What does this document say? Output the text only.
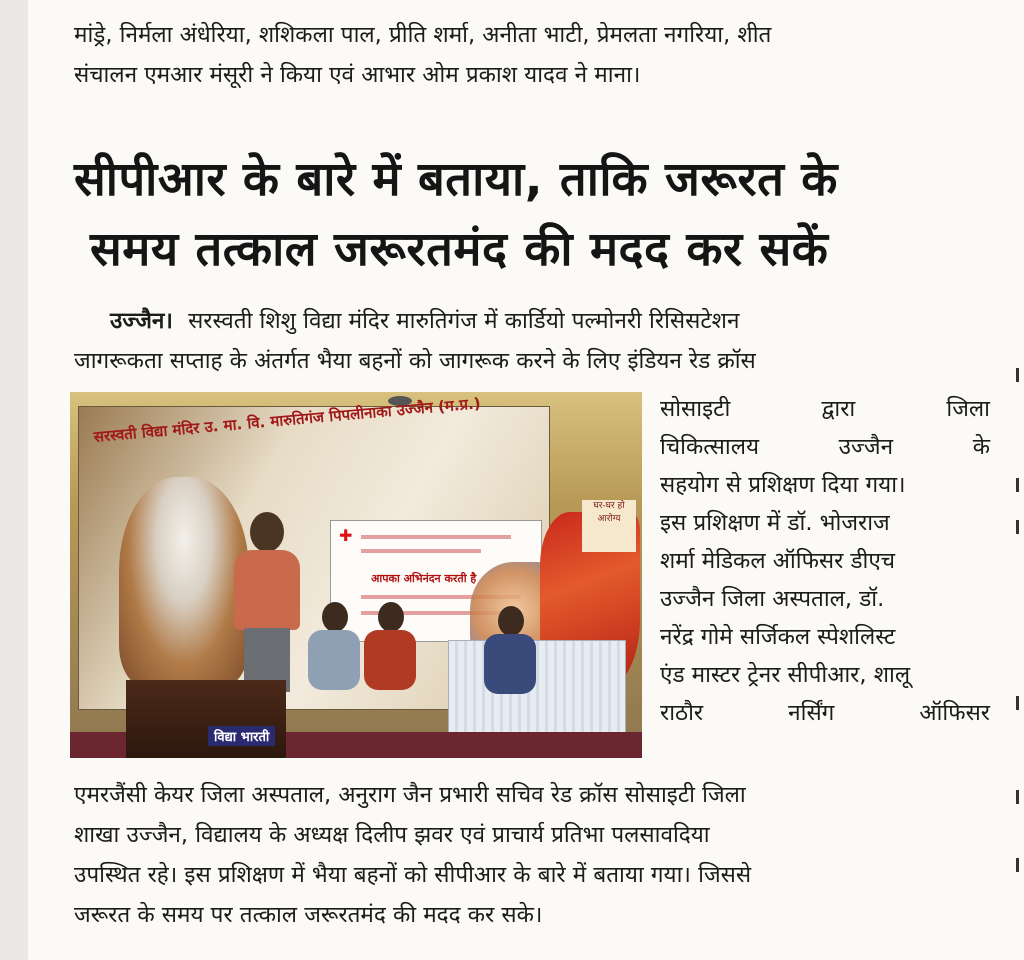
मांड्रे, निर्मला अंधेरिया, शशिकला पाल, प्रीति शर्मा, अनीता भाटी, प्रेमलता नगरिया, शीत
संचालन एमआर मंसूरी ने किया एवं आभार ओम प्रकाश यादव ने माना।
सीपीआर के बारे में बताया, ताकि जरूरत के
समय तत्काल जरूरतमंद की मदद कर सकें
उज्जैन। सरस्वती शिशु विद्या मंदिर मारुतिगंज में कार्डियो पल्मोनरी रिसिसटेशन
जागरूकता सप्ताह के अंतर्गत भैया बहनों को जागरूक करने के लिए इंडियन रेड क्रॉस
सरस्वती विद्या मंदिर उ. मा. वि. मारुतिगंज पिपलीनाका उज्जैन (म.प्र.)
✚
आपका अभिनंदन करती है
घर-घर हो आरोग्य
विद्या भारती
सोसाइटी	द्वारा	जिला
चिकित्सालय	उज्जैन	के
सहयोग से प्रशिक्षण दिया गया।
इस प्रशिक्षण में डॉ. भोजराज
शर्मा मेडिकल ऑफिसर डीएच
उज्जैन जिला अस्पताल, डॉ.
नरेंद्र गोमे सर्जिकल स्पेशलिस्ट
एंड मास्टर ट्रेनर सीपीआर, शालू
राठौर	नर्सिंग	ऑफिसर
एमरजैंसी केयर जिला अस्पताल, अनुराग जैन प्रभारी सचिव रेड क्रॉस सोसाइटी जिला
शाखा उज्जैन, विद्यालय के अध्यक्ष दिलीप झवर एवं प्राचार्य प्रतिभा पलसावदिया
उपस्थित रहे। इस प्रशिक्षण में भैया बहनों को सीपीआर के बारे में बताया गया। जिससे
जरूरत के समय पर तत्काल जरूरतमंद की मदद कर सके।
